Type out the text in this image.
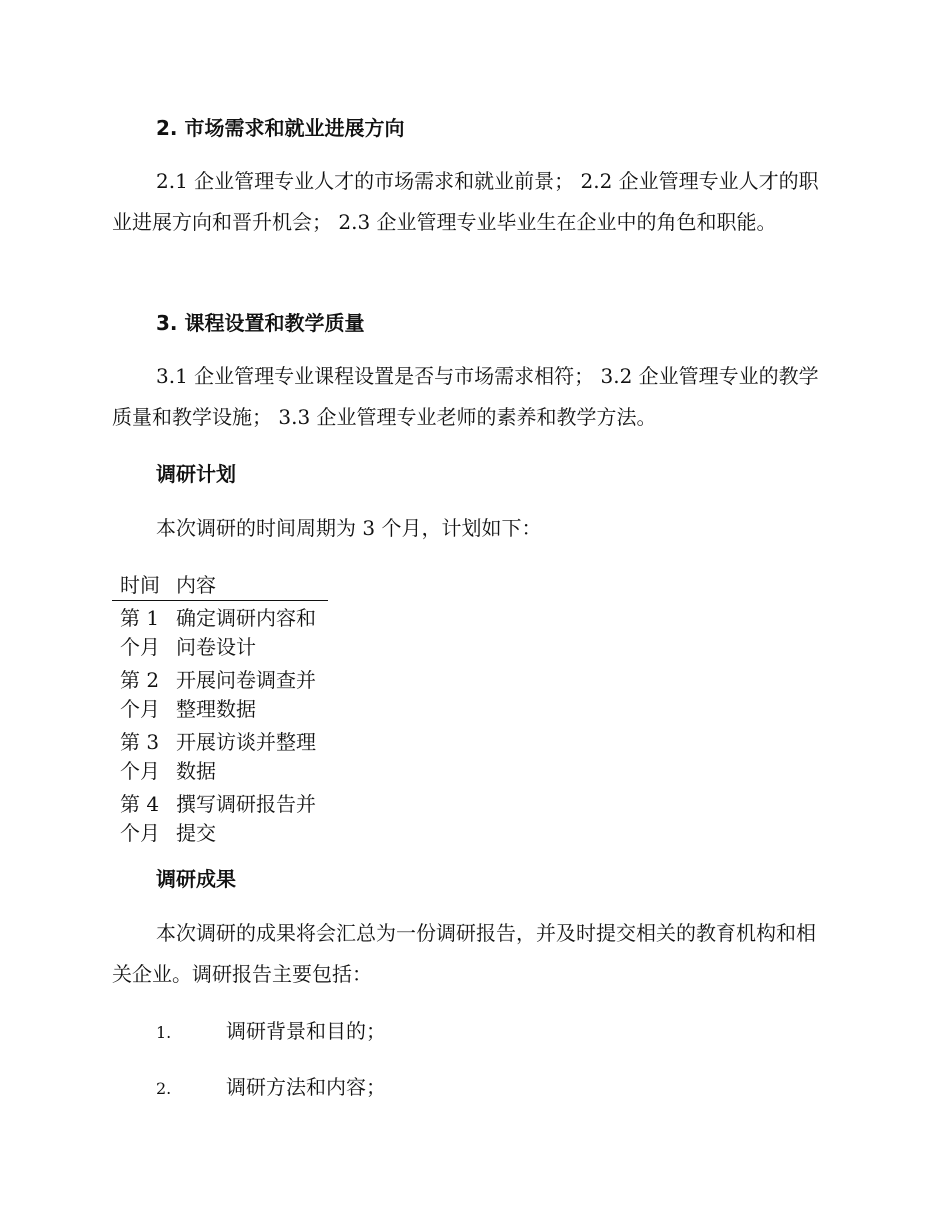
2. 市场需求和就业进展方向

2.1 企业管理专业人才的市场需求和就业前景； 2.2 企业管理专业人才的职业进展方向和晋升机会； 2.3 企业管理专业毕业生在企业中的角色和职能。

3. 课程设置和教学质量

3.1 企业管理专业课程设置是否与市场需求相符； 3.2 企业管理专业的教学质量和教学设施； 3.3 企业管理专业老师的素养和教学方法。

调研计划

本次调研的时间周期为 3 个月，计划如下：

时间 内容
第 1 个月
确定调研内容和问卷设计
第 2 个月
开展问卷调查并整理数据
第 3 个月
开展访谈并整理数据
第 4 个月
撰写调研报告并提交
调研成果

本次调研的成果将会汇总为一份调研报告，并及时提交相关的教育机构和相关企业。调研报告主要包括：

1.	调研背景和目的；
2.	调研方法和内容；
